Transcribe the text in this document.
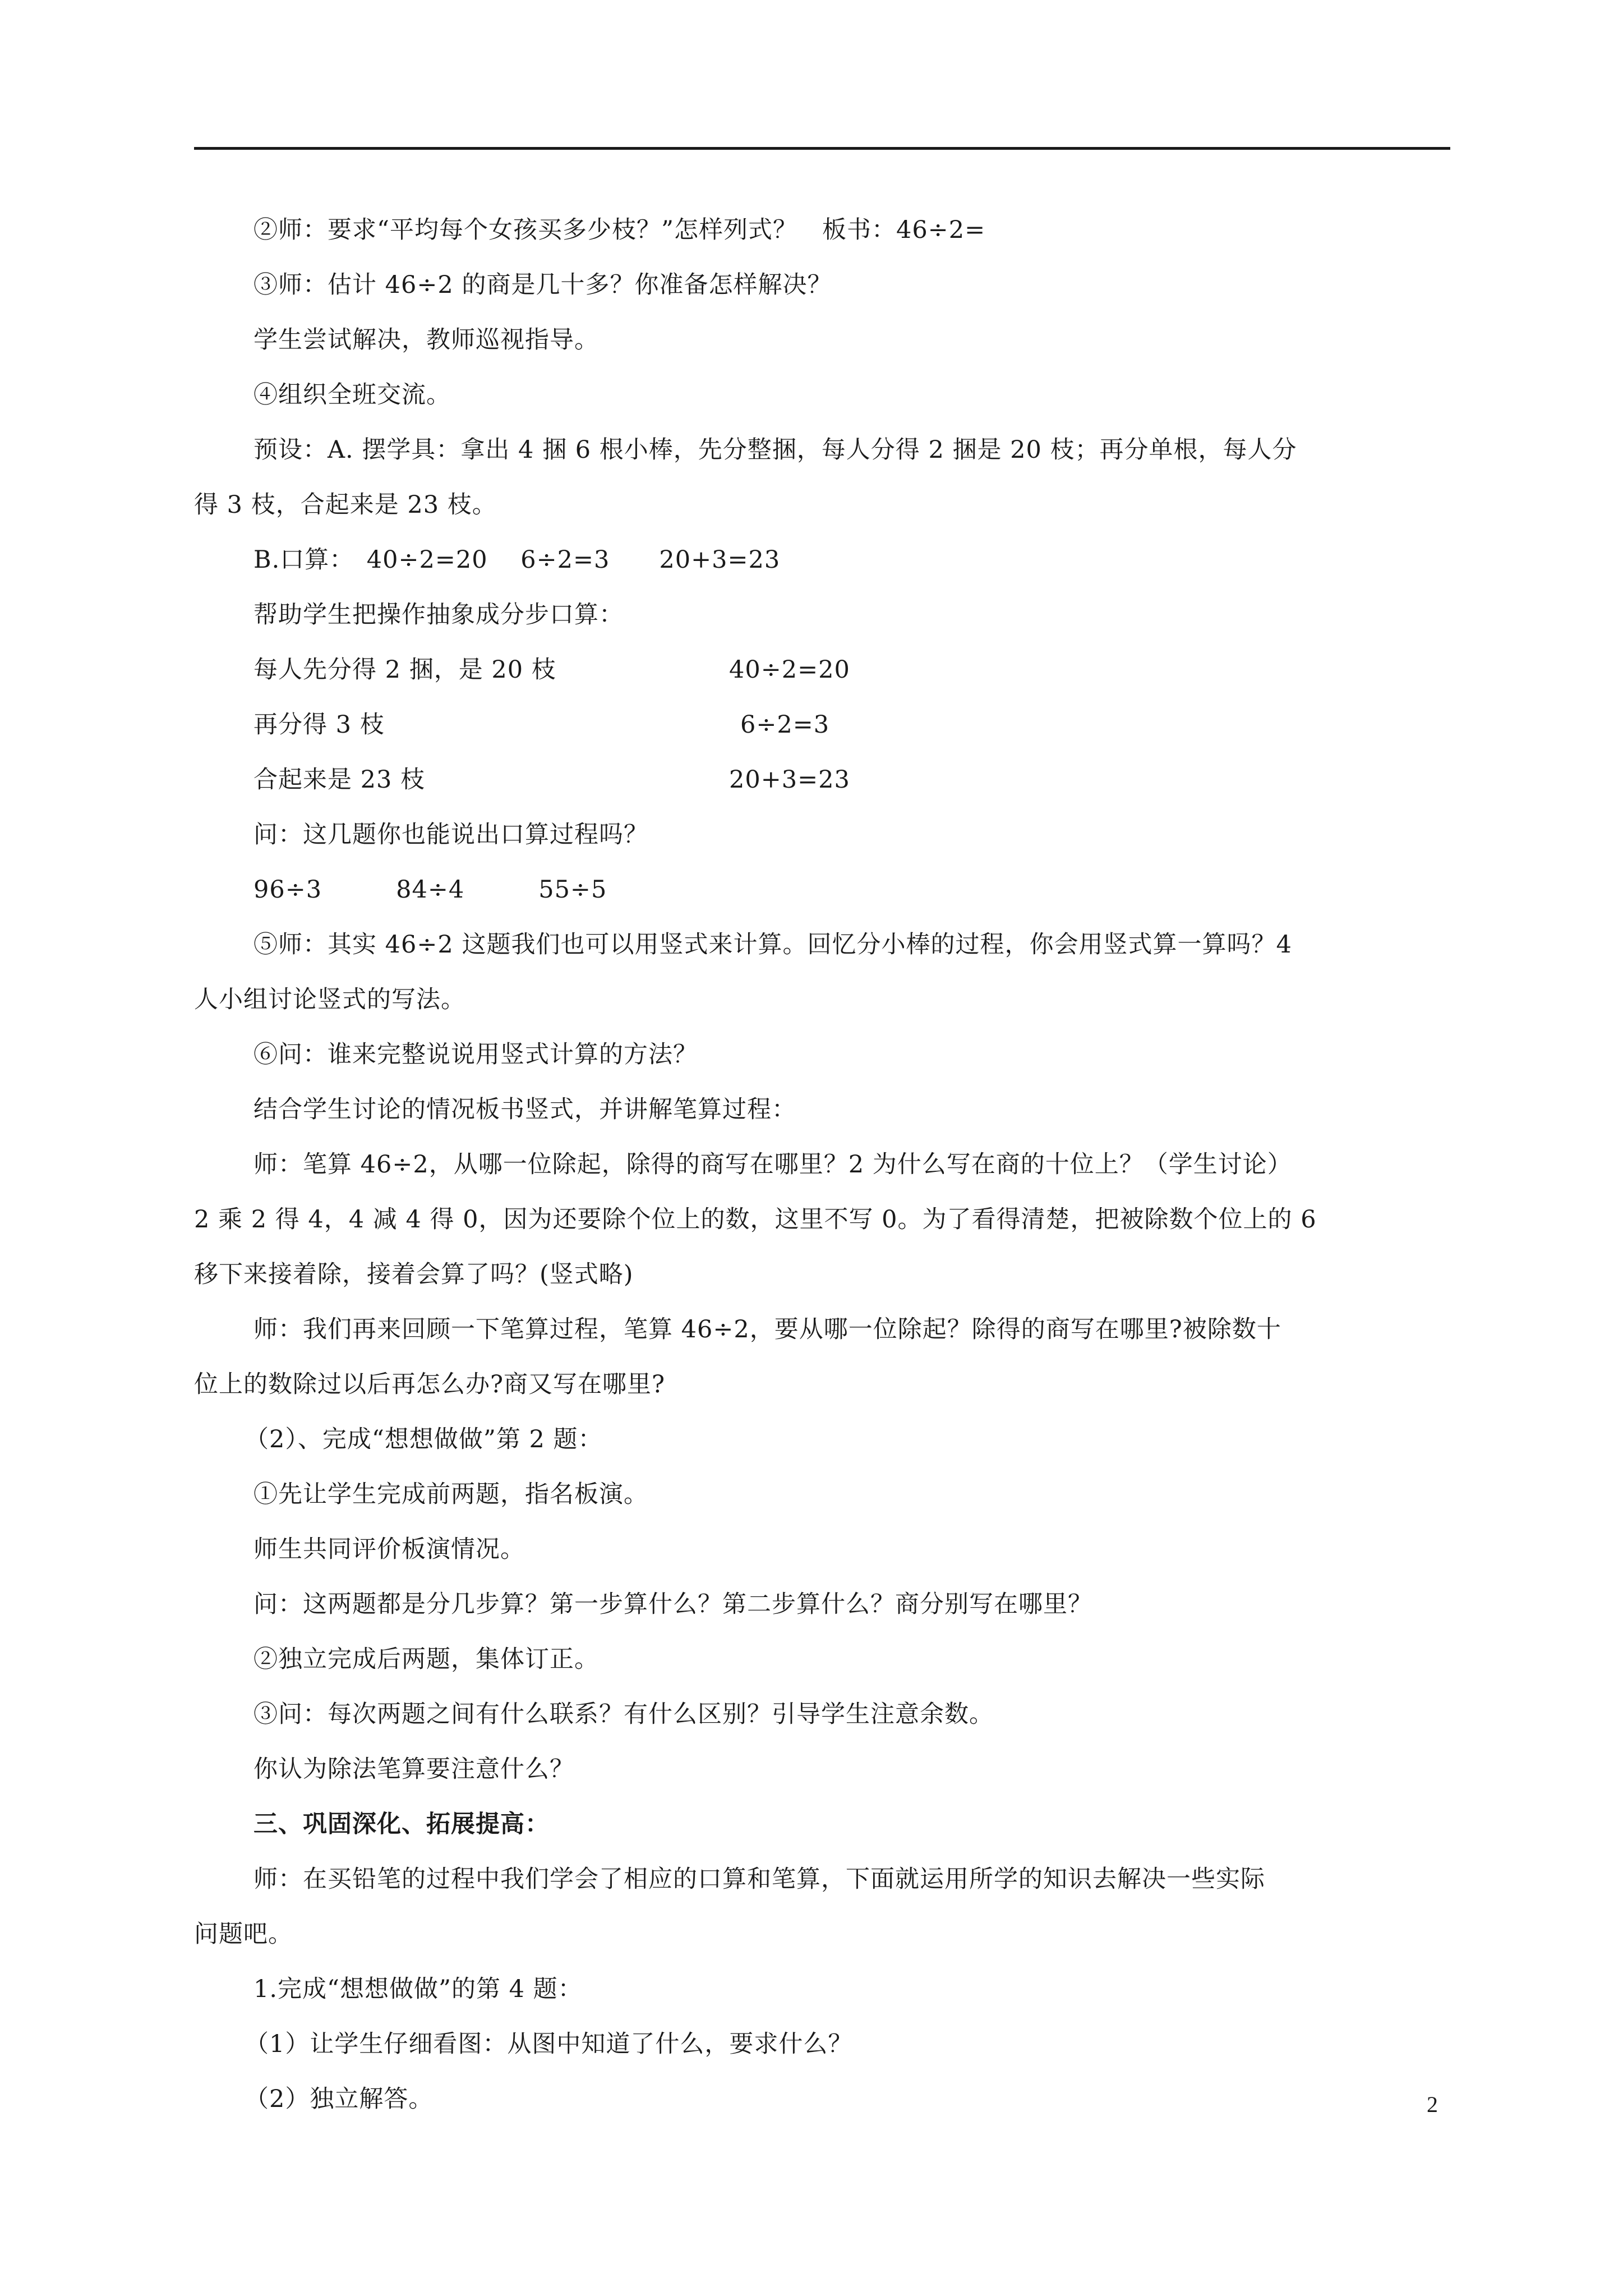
②师：要求“平均每个女孩买多少枝？”怎样列式？　板书：46÷2=
③师：估计 46÷2 的商是几十多？你准备怎样解决？
学生尝试解决，教师巡视指导。
④组织全班交流。
预设：A. 摆学具：拿出 4 捆 6 根小棒，先分整捆，每人分得 2 捆是 20 枝；再分单根，每人分
得 3 枝，合起来是 23 枝。
B.口算：　40÷2=20　 6÷2=3　　20+3=23
帮助学生把操作抽象成分步口算：
每人先分得 2 捆，是 20 枝	40÷2=20
再分得 3 枝	6÷2=3
合起来是 23 枝	20+3=23
问：这几题你也能说出口算过程吗？
96÷3　　　84÷4　　　55÷5
⑤师：其实 46÷2 这题我们也可以用竖式来计算。回忆分小棒的过程，你会用竖式算一算吗？4
人小组讨论竖式的写法。
⑥问：谁来完整说说用竖式计算的方法？
结合学生讨论的情况板书竖式，并讲解笔算过程：
师：笔算 46÷2，从哪一位除起，除得的商写在哪里？2 为什么写在商的十位上？（学生讨论）
2 乘 2 得 4，4 减 4 得 0，因为还要除个位上的数，这里不写 0。为了看得清楚，把被除数个位上的 6
移下来接着除，接着会算了吗？(竖式略)
师：我们再来回顾一下笔算过程，笔算 46÷2，要从哪一位除起？除得的商写在哪里?被除数十
位上的数除过以后再怎么办?商又写在哪里?
（2）、完成“想想做做”第 2 题：
①先让学生完成前两题，指名板演。
师生共同评价板演情况。
问：这两题都是分几步算？第一步算什么？第二步算什么？商分别写在哪里？
②独立完成后两题，集体订正。
③问：每次两题之间有什么联系？有什么区别？引导学生注意余数。
你认为除法笔算要注意什么？
三、巩固深化、拓展提高：
师：在买铅笔的过程中我们学会了相应的口算和笔算，下面就运用所学的知识去解决一些实际
问题吧。
1.完成“想想做做”的第 4 题：
（1）让学生仔细看图：从图中知道了什么，要求什么？
（2）独立解答。	2
